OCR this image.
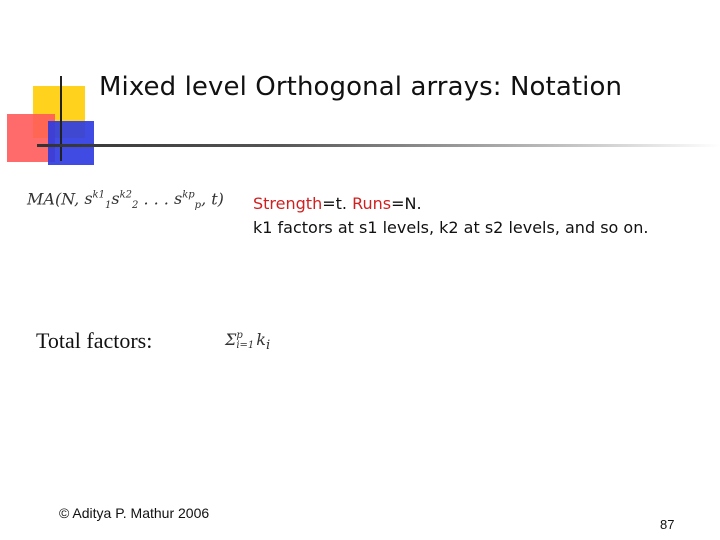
Mixed level Orthogonal arrays: Notation
MA(N, $s^{k1}_1s^{k2}_2$ . . . $s^{kp}_p$, t)	Strength=t. Runs=N.
k1 factors at s1 levels, k2 at s2 levels, and so on.
Total factors:	Σp
i=1 $k_i$
© Aditya P. Mathur 2006
87
